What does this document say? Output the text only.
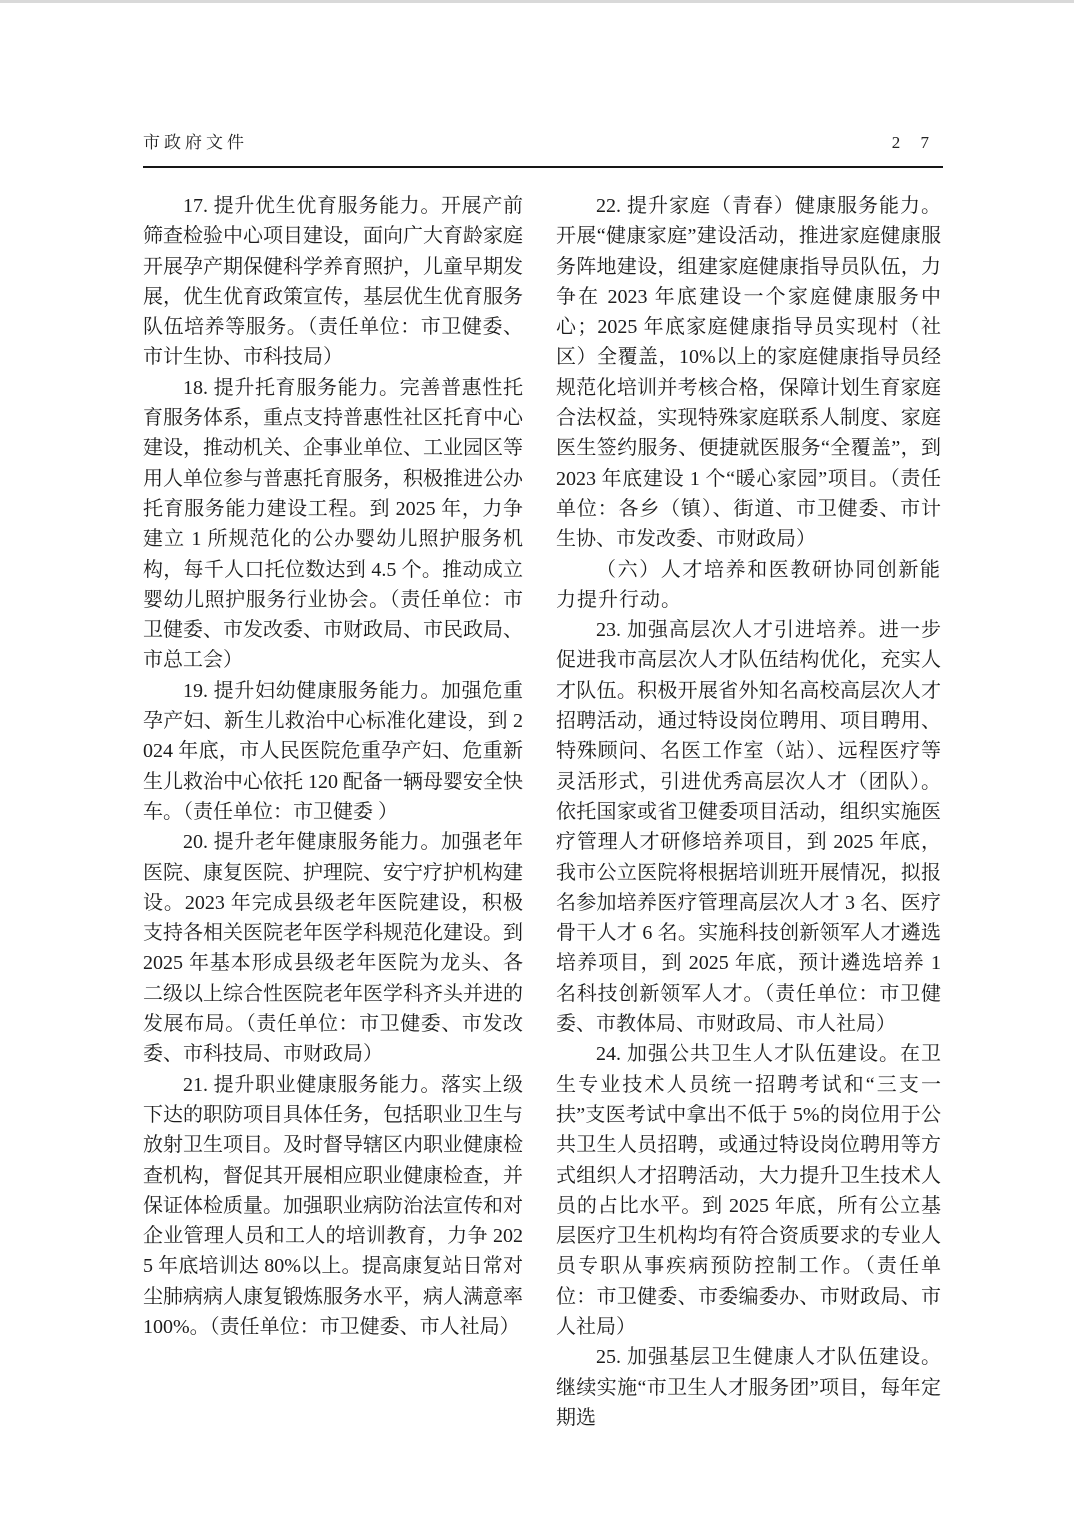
市政府文件	2 7

17. 提升优生优育服务能力。开展产前筛查检验中心项目建设，面向广大育龄家庭开展孕产期保健科学养育照护，儿童早期发展，优生优育政策宣传，基层优生优育服务队伍培养等服务。（责任单位：市卫健委、市计生协、市科技局）

18. 提升托育服务能力。完善普惠性托育服务体系，重点支持普惠性社区托育中心建设，推动机关、企事业单位、工业园区等用人单位参与普惠托育服务，积极推进公办托育服务能力建设工程。到 2025 年，力争建立 1 所规范化的公办婴幼儿照护服务机构，每千人口托位数达到 4.5 个。推动成立婴幼儿照护服务行业协会。（责任单位：市卫健委、市发改委、市财政局、市民政局、市总工会）

19. 提升妇幼健康服务能力。加强危重孕产妇、新生儿救治中心标准化建设，到 2024 年底，市人民医院危重孕产妇、危重新生儿救治中心依托 120 配备一辆母婴安全快车。（责任单位：市卫健委 ）

20. 提升老年健康服务能力。加强老年医院、康复医院、护理院、安宁疗护机构建设。2023 年完成县级老年医院建设，积极支持各相关医院老年医学科规范化建设。到 2025 年基本形成县级老年医院为龙头、各二级以上综合性医院老年医学科齐头并进的发展布局。（责任单位：市卫健委、市发改委、市科技局、市财政局）

21. 提升职业健康服务能力。落实上级下达的职防项目具体任务，包括职业卫生与放射卫生项目。及时督导辖区内职业健康检查机构，督促其开展相应职业健康检查，并保证体检质量。加强职业病防治法宣传和对企业管理人员和工人的培训教育，力争 2025 年底培训达 80%以上。提高康复站日常对尘肺病病人康复锻炼服务水平，病人满意率 100%。（责任单位：市卫健委、市人社局）

22. 提升家庭（青春）健康服务能力。开展“健康家庭”建设活动，推进家庭健康服务阵地建设，组建家庭健康指导员队伍，力争在 2023 年底建设一个家庭健康服务中心；2025 年底家庭健康指导员实现村（社区）全覆盖，10%以上的家庭健康指导员经规范化培训并考核合格，保障计划生育家庭合法权益，实现特殊家庭联系人制度、家庭医生签约服务、便捷就医服务“全覆盖”，到 2023 年底建设 1 个“暖心家园”项目。（责任单位：各乡（镇）、街道、市卫健委、市计生协、市发改委、市财政局）

（六）人才培养和医教研协同创新能力提升行动。

23. 加强高层次人才引进培养。进一步促进我市高层次人才队伍结构优化，充实人才队伍。积极开展省外知名高校高层次人才招聘活动，通过特设岗位聘用、项目聘用、特殊顾问、名医工作室（站）、远程医疗等灵活形式，引进优秀高层次人才（团队）。依托国家或省卫健委项目活动，组织实施医疗管理人才研修培养项目，到 2025 年底，我市公立医院将根据培训班开展情况，拟报名参加培养医疗管理高层次人才 3 名、医疗骨干人才 6 名。实施科技创新领军人才遴选培养项目，到 2025 年底，预计遴选培养 1 名科技创新领军人才。（责任单位：市卫健委、市教体局、市财政局、市人社局）

24. 加强公共卫生人才队伍建设。在卫生专业技术人员统一招聘考试和“三支一扶”支医考试中拿出不低于 5%的岗位用于公共卫生人员招聘，或通过特设岗位聘用等方式组织人才招聘活动，大力提升卫生技术人员的占比水平。到 2025 年底，所有公立基层医疗卫生机构均有符合资质要求的专业人员专职从事疾病预防控制工作。（责任单位：市卫健委、市委编委办、市财政局、市人社局）

25. 加强基层卫生健康人才队伍建设。继续实施“市卫生人才服务团”项目，每年定期选
